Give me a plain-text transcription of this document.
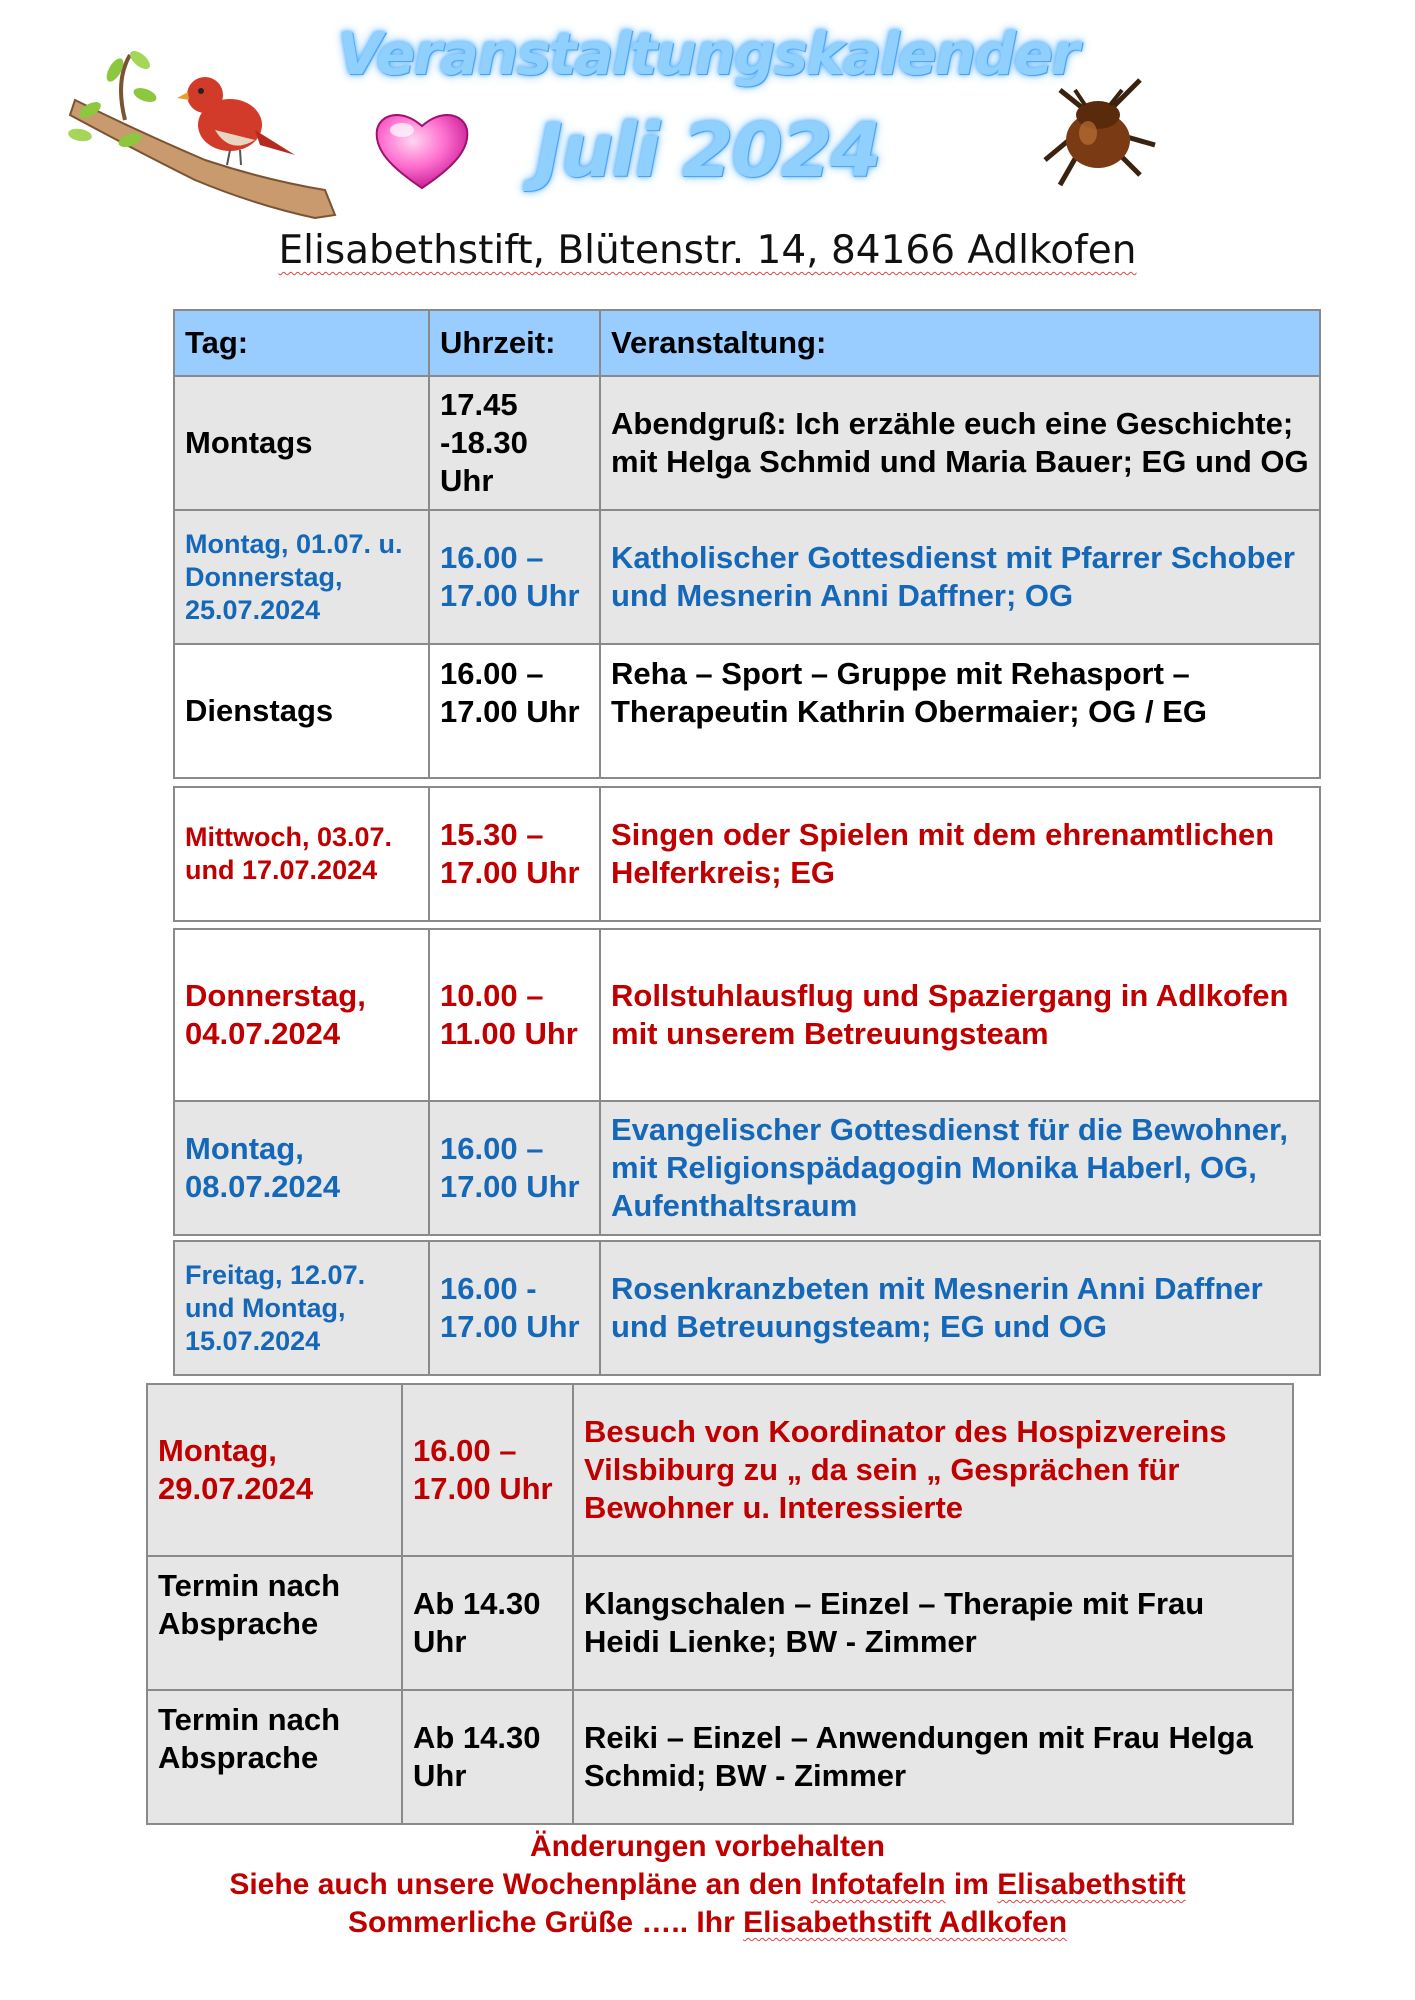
Veranstaltungskalender
Juli 2024
Elisabethstift, Blütenstr. 14, 84166 Adlkofen
Tag:	Uhrzeit:	Veranstaltung:
Montags	17.45 -18.30 Uhr	Abendgruß: Ich erzähle euch eine Geschichte; mit Helga Schmid und Maria Bauer; EG und OG
Montag, 01.07. u. Donnerstag, 25.07.2024	16.00 – 17.00 Uhr	Katholischer Gottesdienst mit Pfarrer Schober und Mesnerin Anni Daffner; OG
Dienstags	16.00 – 17.00 Uhr	Reha – Sport – Gruppe mit Rehasport – Therapeutin Kathrin Obermaier; OG / EG
Mittwoch, 03.07. und 17.07.2024	15.30 – 17.00 Uhr	Singen oder Spielen mit dem ehrenamtlichen Helferkreis; EG
Donnerstag, 04.07.2024	10.00 – 11.00 Uhr	Rollstuhlausflug und Spaziergang in Adlkofen mit unserem Betreuungsteam
Montag, 08.07.2024	16.00 – 17.00 Uhr	Evangelischer Gottesdienst für die Bewohner, mit Religionspädagogin Monika Haberl, OG, Aufenthaltsraum
Freitag, 12.07. und Montag, 15.07.2024	16.00 - 17.00 Uhr	Rosenkranzbeten mit Mesnerin Anni Daffner und Betreuungsteam; EG und OG
Montag, 29.07.2024	16.00 – 17.00 Uhr	Besuch von Koordinator des Hospizvereins Vilsbiburg zu „ da sein „ Gesprächen für Bewohner u. Interessierte
Termin nach Absprache	Ab 14.30 Uhr	Klangschalen – Einzel – Therapie mit Frau Heidi Lienke; BW - Zimmer
Termin nach Absprache	Ab 14.30 Uhr	Reiki – Einzel – Anwendungen mit Frau Helga Schmid; BW - Zimmer
Änderungen vorbehalten
Siehe auch unsere Wochenpläne an den Infotafeln im Elisabethstift
Sommerliche Grüße ….. Ihr Elisabethstift Adlkofen
